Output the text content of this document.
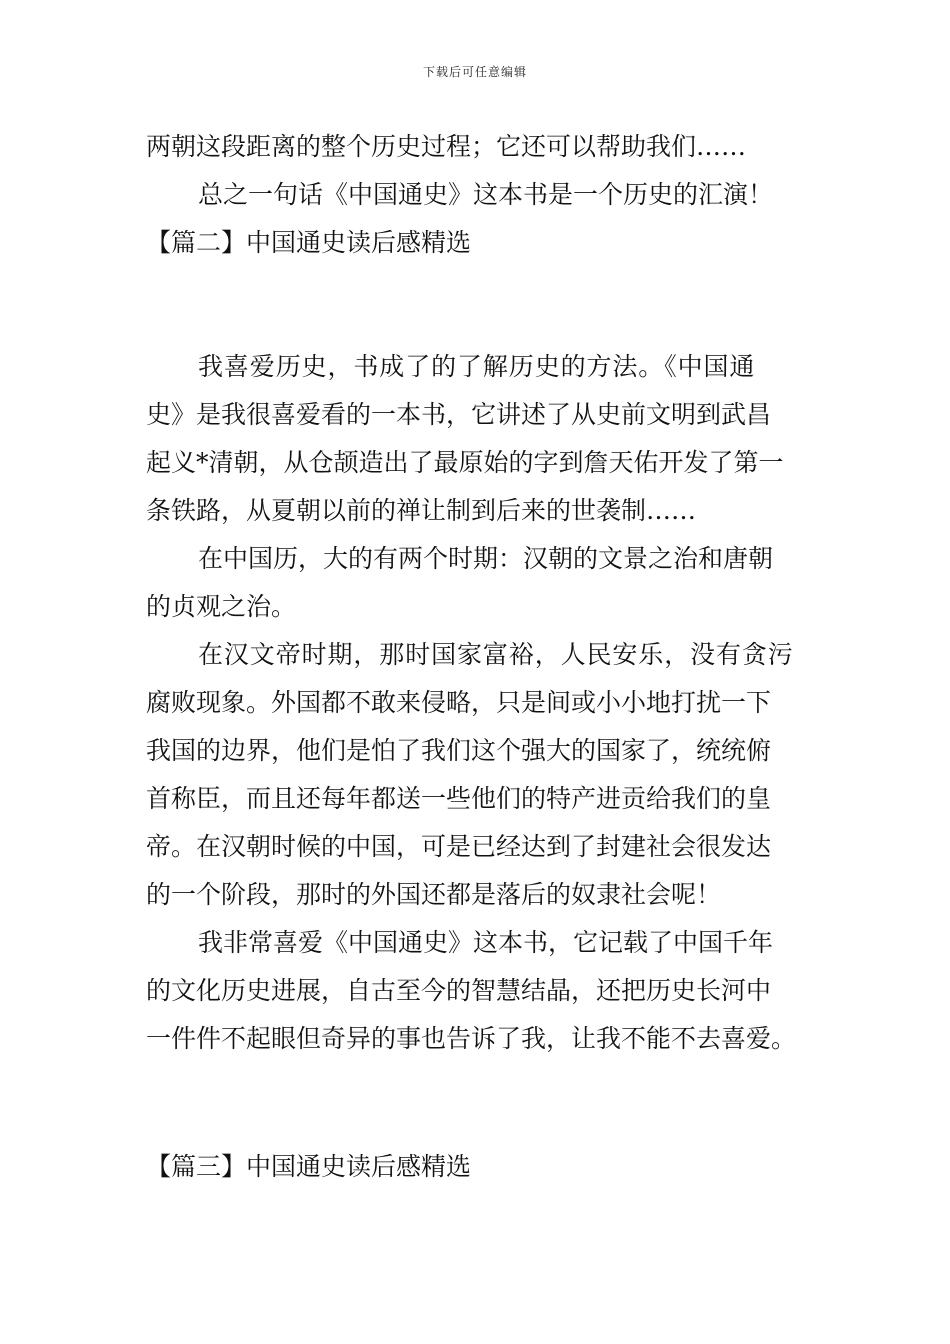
下载后可任意编辑
两朝这段距离的整个历史过程；它还可以帮助我们……
总之一句话《中国通史》这本书是一个历史的汇演！
【篇二】中国通史读后感精选
我喜爱历史，书成了的了解历史的方法。《中国通
史》是我很喜爱看的一本书，它讲述了从史前文明到武昌
起义*清朝，从仓颉造出了最原始的字到詹天佑开发了第一
条铁路，从夏朝以前的禅让制到后来的世袭制……
在中国历，大的有两个时期：汉朝的文景之治和唐朝
的贞观之治。
在汉文帝时期，那时国家富裕，人民安乐，没有贪污
腐败现象。外国都不敢来侵略，只是间或小小地打扰一下
我国的边界，他们是怕了我们这个强大的国家了，统统俯
首称臣，而且还每年都送一些他们的特产进贡给我们的皇
帝。在汉朝时候的中国，可是已经达到了封建社会很发达
的一个阶段，那时的外国还都是落后的奴隶社会呢！
我非常喜爱《中国通史》这本书，它记载了中国千年
的文化历史进展，自古至今的智慧结晶，还把历史长河中
一件件不起眼但奇异的事也告诉了我，让我不能不去喜爱。
【篇三】中国通史读后感精选
